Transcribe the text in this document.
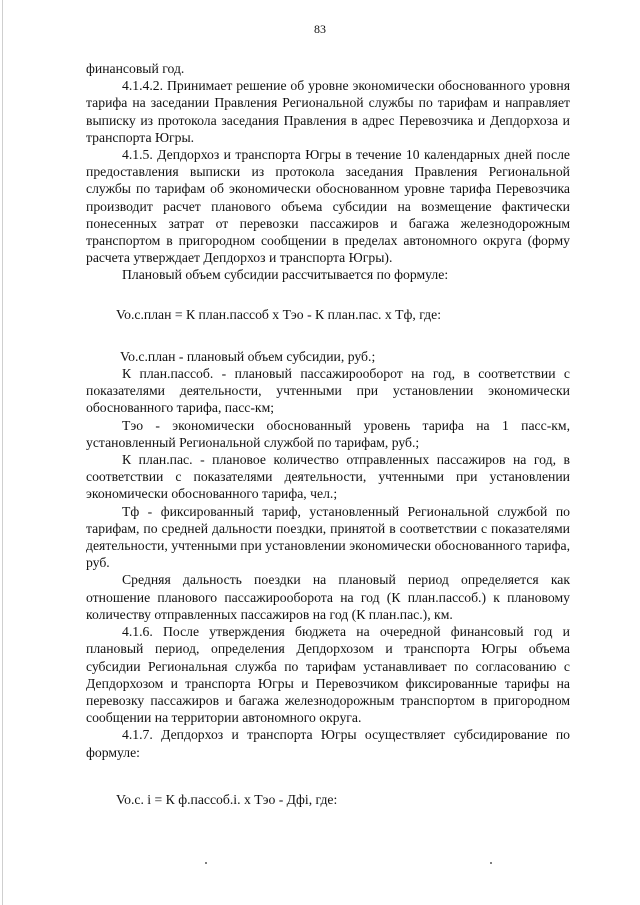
83

финансовый год.

4.1.4.2. Принимает решение об уровне экономически обоснованного уровня тарифа на заседании Правления Региональной службы по тарифам и направляет выписку из протокола заседания Правления в адрес Перевозчика и Депдорхоза и транспорта Югры.

4.1.5. Депдорхоз и транспорта Югры в течение 10 календарных дней после предоставления выписки из протокола заседания Правления Региональной службы по тарифам об экономически обоснованном уровне тарифа Перевозчика производит расчет планового объема субсидии на возмещение фактически понесенных затрат от перевозки пассажиров и багажа железнодорожным транспортом в пригородном сообщении в пределах автономного округа (форму расчета утверждает Депдорхоз и транспорта Югры).

Плановый объем субсидии рассчитывается по формуле:

Vo.с.план = К план.пассоб х Тэо - К план.пас. х Тф, где:

Vo.с.план - плановый объем субсидии, руб.;

К план.пассоб. - плановый пассажирооборот на год, в соответствии с показателями деятельности, учтенными при установлении экономически обоснованного тарифа, пасс-км;

Тэо - экономически обоснованный уровень тарифа на 1 пасс-км, установленный Региональной службой по тарифам, руб.;

К план.пас. - плановое количество отправленных пассажиров на год, в соответствии с показателями деятельности, учтенными при установлении экономически обоснованного тарифа, чел.;

Тф - фиксированный тариф, установленный Региональной службой по тарифам, по средней дальности поездки, принятой в соответствии с показателями деятельности, учтенными при установлении экономически обоснованного тарифа, руб.

Средняя дальность поездки на плановый период определяется как отношение планового пассажирооборота на год (К план.пассоб.) к плановому количеству отправленных пассажиров на год (К план.пас.), км.

4.1.6. После утверждения бюджета на очередной финансовый год и плановый период, определения Депдорхозом и транспорта Югры объема субсидии Региональная служба по тарифам устанавливает по согласованию с Депдорхозом и транспорта Югры и Перевозчиком фиксированные тарифы на перевозку пассажиров и багажа железнодорожным транспортом в пригородном сообщении на территории автономного округа.

4.1.7. Депдорхоз и транспорта Югры осуществляет субсидирование по формуле:

Vo.с. i = К ф.пассоб.i. х Тэо - Дфi, где:
